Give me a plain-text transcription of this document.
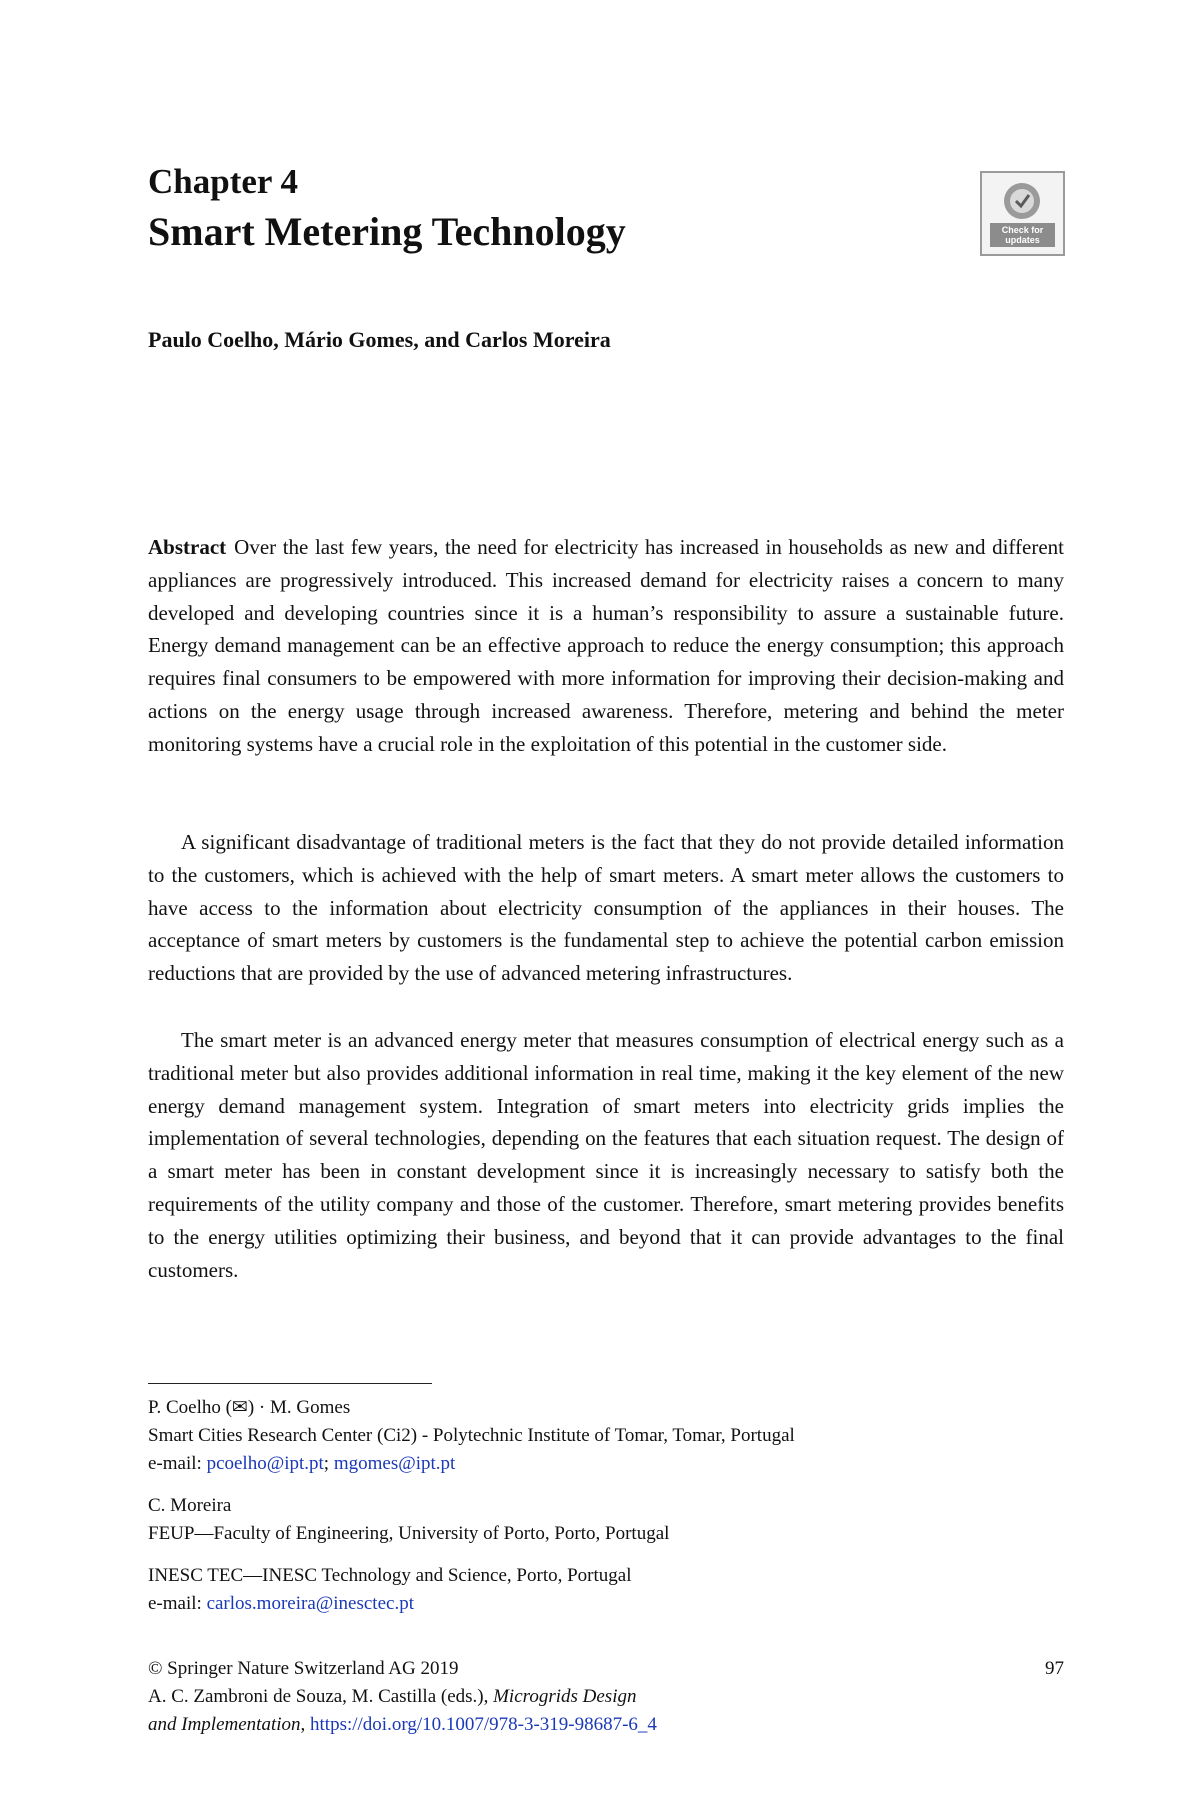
Chapter 4
Smart Metering Technology	Check for
updates
Paulo Coelho, Mário Gomes, and Carlos Moreira

Abstract Over the last few years, the need for electricity has increased in households as new and different appliances are progressively introduced. This increased demand for electricity raises a concern to many developed and developing countries since it is a human’s responsibility to assure a sustainable future. Energy demand management can be an effective approach to reduce the energy consumption; this approach requires final consumers to be empowered with more information for improving their decision-making and actions on the energy usage through increased awareness. Therefore, metering and behind the meter monitoring systems have a crucial role in the exploitation of this potential in the customer side.

A significant disadvantage of traditional meters is the fact that they do not provide detailed information to the customers, which is achieved with the help of smart meters. A smart meter allows the customers to have access to the information about electricity consumption of the appliances in their houses. The acceptance of smart meters by customers is the fundamental step to achieve the potential carbon emission reductions that are provided by the use of advanced metering infrastructures.

The smart meter is an advanced energy meter that measures consumption of electrical energy such as a traditional meter but also provides additional information in real time, making it the key element of the new energy demand management system. Integration of smart meters into electricity grids implies the implementation of several technologies, depending on the features that each situation request. The design of a smart meter has been in constant development since it is increasingly necessary to satisfy both the requirements of the utility company and those of the customer. Therefore, smart metering provides benefits to the energy utilities optimizing their business, and beyond that it can provide advantages to the final customers.

P. Coelho (✉) · M. Gomes
Smart Cities Research Center (Ci2) - Polytechnic Institute of Tomar, Tomar, Portugal
e-mail: pcoelho@ipt.pt; mgomes@ipt.pt
C. Moreira
FEUP—Faculty of Engineering, University of Porto, Porto, Portugal
INESC TEC—INESC Technology and Science, Porto, Portugal
e-mail: carlos.moreira@inesctec.pt
© Springer Nature Switzerland AG 2019
A. C. Zambroni de Souza, M. Castilla (eds.), Microgrids Design
and Implementation, https://doi.org/10.1007/978-3-319-98687-6_4
97
